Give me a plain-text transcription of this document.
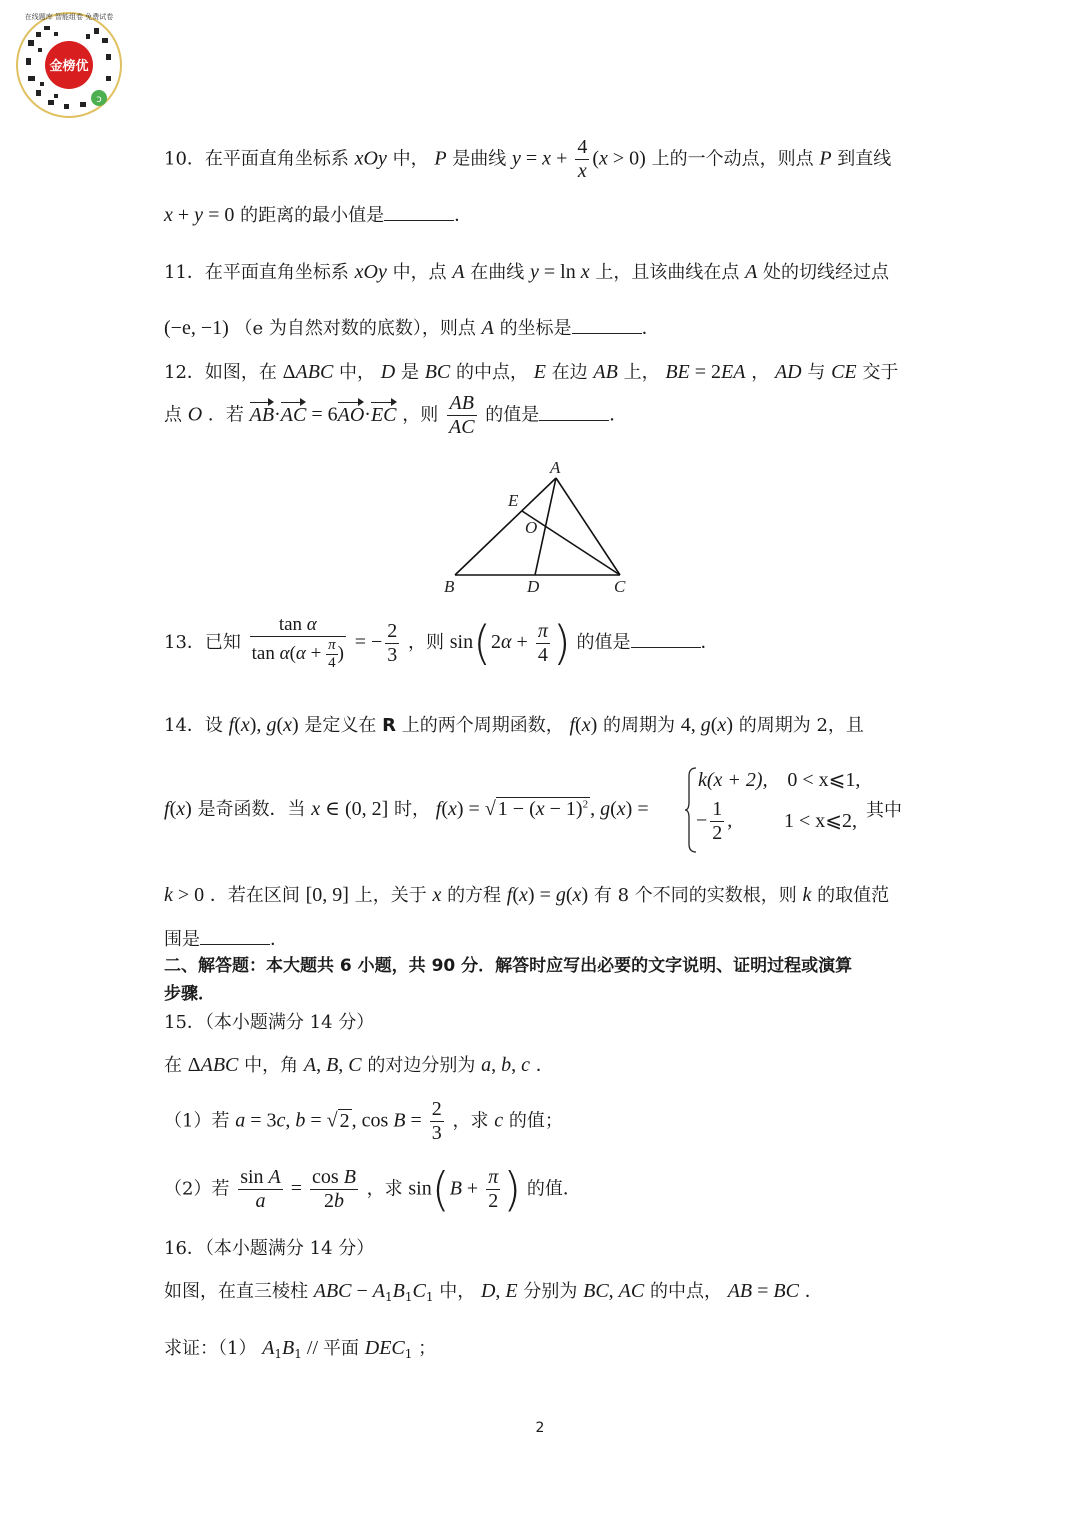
金榜优
ↄ
在线题库 智能组卷 免费试卷
10．在平面直角坐标系 xOy 中， P 是曲线 $y = x + \frac{4}{x} (x > 0)$ 上的一个动点，则点 P 到直线
x + y = 0 的距离的最小值是	．
11．在平面直角坐标系 xOy 中，点 A 在曲线 y = ln x 上，且该曲线在点 A 处的切线经过点
(−e, −1) （e 为自然对数的底数），则点 A 的坐标是	．
12．如图，在 ΔABC 中， D 是 BC 的中点， E 在边 AB 上， BE = 2EA ， AD 与 CE 交于
点 O ．若 AB·AC = 6AO·EC ，则 $\frac{AB}{AC}$ 的值是	．
A
E
O
B	D	C
13．已知 $\frac{\text{tan α}}{\tan \alpha(\alpha + \frac{\pi}{4} )}$ = − $\frac{2}{3}$ ，则 $\sin(2\alpha + \frac{\pi}{4}$ ) 的值是	．
14．设 f(x), g(x) 是定义在 R 上的两个周期函数， f(x) 的周期为 4, g(x) 的周期为 2，且
f(x) 是奇函数．当 x ∈ (0, 2] 时， f(x) = √ $1 - (x - 1)^2$ , g(x) =
k(x + 2), 0 < x⩽1,
− $\frac{1}{2}$ ,	1 < x⩽2, 其中
k > 0 ．若在区间 [0, 9] 上，关于 x 的方程 f(x) = g(x) 有 8 个不同的实数根，则 k 的取值范
围是	．
二、解答题：本大题共 6 小题，共 90 分．解答时应写出必要的文字说明、证明过程或演算
步骤．
15．（本小题满分 14 分）
在 ΔABC 中，角 A, B, C 的对边分别为 a, b, c ．
（1）若 a = 3c, b = √ 2 , $\cos B = \frac{2}{3}$ ，求 c 的值；
（2）若 $\frac{\text{sin A}}{a} = \frac{\text{cos B}}{2b}$ ，求 $\sin(B + \frac{\pi}{2}$ ) 的值．
16．（本小题满分 14 分）
如图，在直三棱柱 ABC − $A_1B_1C_1$ 中， D, E 分别为 BC, AC 的中点， AB = BC ．
求证：（1） $A_1B_1$ // 平面 $DEC_1$ ；
2
